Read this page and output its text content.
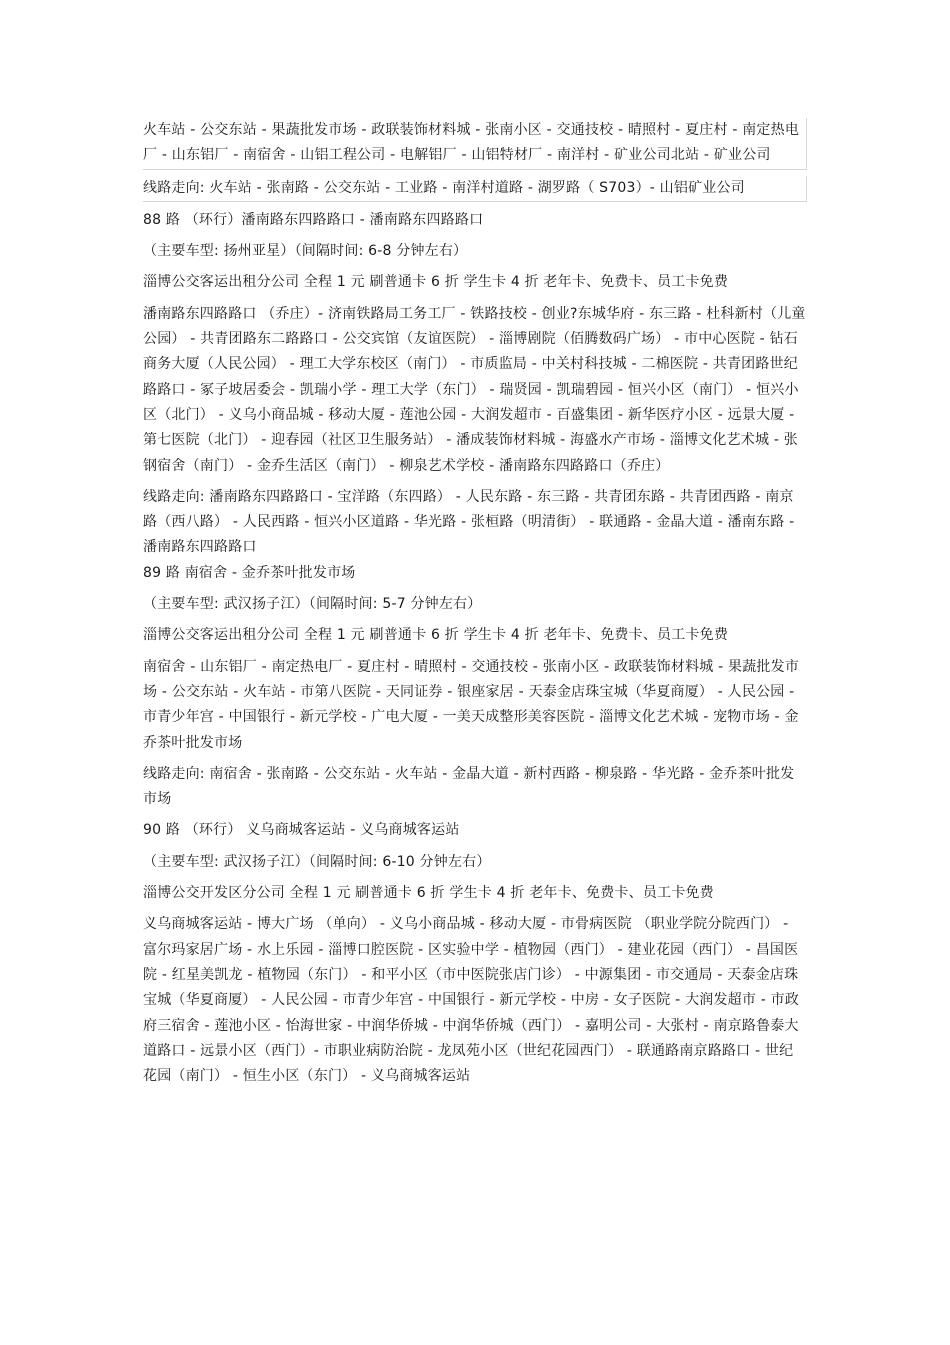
火车站 - 公交东站 - 果蔬批发市场 - 政联装饰材料城 - 张南小区 - 交通技校 - 晴照村 - 夏庄村 - 南定热电厂 - 山东铝厂 - 南宿舍 - 山铝工程公司 - 电解铝厂 - 山铝特材厂 - 南洋村 - 矿业公司北站 - 矿业公司

线路走向: 火车站 - 张南路 - 公交东站 - 工业路 - 南洋村道路 - 湖罗路（ S703）- 山铝矿业公司

88 路 （环行）潘南路东四路路口 - 潘南路东四路路口

（主要车型: 扬州亚星）（间隔时间: 6-8 分钟左右）

淄博公交客运出租分公司 全程 1 元 刷普通卡 6 折 学生卡 4 折 老年卡、免费卡、员工卡免费

潘南路东四路路口 （乔庄）- 济南铁路局工务工厂 - 铁路技校 - 创业?东城华府 - 东三路 - 杜科新村（儿童公园） - 共青团路东二路路口 - 公交宾馆（友谊医院） - 淄博剧院（佰腾数码广场） - 市中心医院 - 钻石商务大厦（人民公园） - 理工大学东校区（南门） - 市质监局 - 中关村科技城 - 二棉医院 - 共青团路世纪路路口 - 冢子坡居委会 - 凯瑞小学 - 理工大学（东门） - 瑞贤园 - 凯瑞碧园 - 恒兴小区（南门） - 恒兴小区（北门） - 义乌小商品城 - 移动大厦 - 莲池公园 - 大润发超市 - 百盛集团 - 新华医疗小区 - 远景大厦 - 第七医院（北门） - 迎春园（社区卫生服务站） - 潘成装饰材料城 - 海盛水产市场 - 淄博文化艺术城 - 张钢宿舍（南门） - 金乔生活区（南门） - 柳泉艺术学校 - 潘南路东四路路口（乔庄）

线路走向: 潘南路东四路路口 - 宝洋路（东四路） - 人民东路 - 东三路 - 共青团东路 - 共青团西路 - 南京路（西八路） - 人民西路 - 恒兴小区道路 - 华光路 - 张桓路（明清街） - 联通路 - 金晶大道 - 潘南东路 - 潘南路东四路路口

89 路 南宿舍 - 金乔茶叶批发市场

（主要车型: 武汉扬子江）（间隔时间: 5-7 分钟左右）

淄博公交客运出租分公司 全程 1 元 刷普通卡 6 折 学生卡 4 折 老年卡、免费卡、员工卡免费

南宿舍 - 山东铝厂 - 南定热电厂 - 夏庄村 - 晴照村 - 交通技校 - 张南小区 - 政联装饰材料城 - 果蔬批发市场 - 公交东站 - 火车站 - 市第八医院 - 天同证券 - 银座家居 - 天泰金店珠宝城（华夏商厦） - 人民公园 - 市青少年宫 - 中国银行 - 新元学校 - 广电大厦 - 一美天成整形美容医院 - 淄博文化艺术城 - 宠物市场 - 金乔茶叶批发市场

线路走向: 南宿舍 - 张南路 - 公交东站 - 火车站 - 金晶大道 - 新村西路 - 柳泉路 - 华光路 - 金乔茶叶批发市场

90 路 （环行） 义乌商城客运站 - 义乌商城客运站

（主要车型: 武汉扬子江）（间隔时间: 6-10 分钟左右）

淄博公交开发区分公司 全程 1 元 刷普通卡 6 折 学生卡 4 折 老年卡、免费卡、员工卡免费

义乌商城客运站 - 博大广场 （单向） - 义乌小商品城 - 移动大厦 - 市骨病医院 （职业学院分院西门） - 富尔玛家居广场 - 水上乐园 - 淄博口腔医院 - 区实验中学 - 植物园（西门） - 建业花园（西门） - 昌国医院 - 红星美凯龙 - 植物园（东门） - 和平小区（市中医院张店门诊） - 中源集团 - 市交通局 - 天泰金店珠宝城（华夏商厦） - 人民公园 - 市青少年宫 - 中国银行 - 新元学校 - 中房 - 女子医院 - 大润发超市 - 市政府三宿舍 - 莲池小区 - 怡海世家 - 中润华侨城 - 中润华侨城（西门） - 嘉明公司 - 大张村 - 南京路鲁泰大道路口 - 远景小区（西门）- 市职业病防治院 - 龙凤苑小区（世纪花园西门） - 联通路南京路路口 - 世纪花园（南门） - 恒生小区（东门） - 义乌商城客运站
